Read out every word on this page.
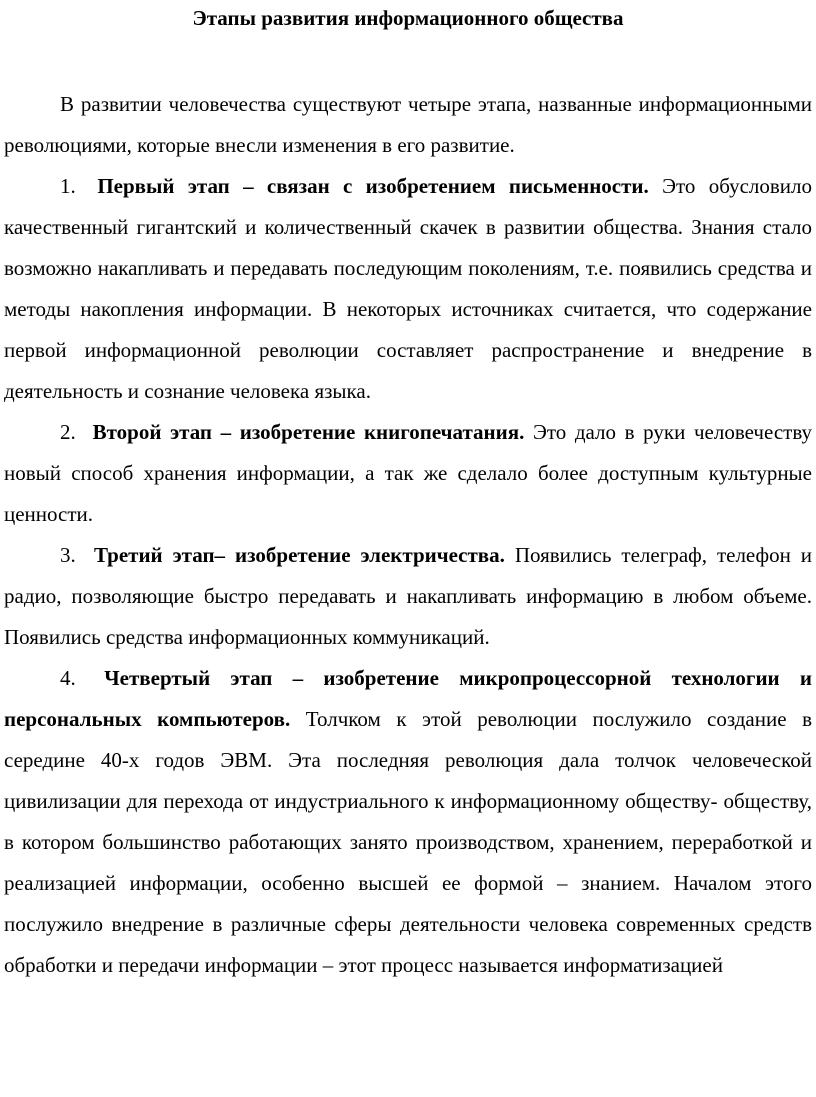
Этапы развития информационного общества

В развитии человечества существуют четыре этапа, названные информационными революциями, которые внесли изменения в его развитие.

1. Первый этап – связан с изобретением письменности. Это обусловило качественный гигантский и количественный скачек в развитии общества. Знания стало возможно накапливать и передавать последующим поколениям, т.е. появились средства и методы накопления информации. В некоторых источниках считается, что содержание первой информационной революции составляет распространение и внедрение в деятельность и сознание человека языка.

2. Второй этап – изобретение книгопечатания. Это дало в руки человечеству новый способ хранения информации, а так же сделало более доступным культурные ценности.

3. Третий этап– изобретение электричества. Появились телеграф, телефон и радио, позволяющие быстро передавать и накапливать информацию в любом объеме. Появились средства информационных коммуникаций.

4. Четвертый этап – изобретение микропроцессорной технологии и персональных компьютеров. Толчком к этой революции послужило создание в середине 40-х годов ЭВМ. Эта последняя революция дала толчок человеческой цивилизации для перехода от индустриального к информационному обществу- обществу, в котором большинство работающих занято производством, хранением, переработкой и реализацией информации, особенно высшей ее формой – знанием. Началом этого послужило внедрение в различные сферы деятельности человека современных средств обработки и передачи информации – этот процесс называется информатизацией
